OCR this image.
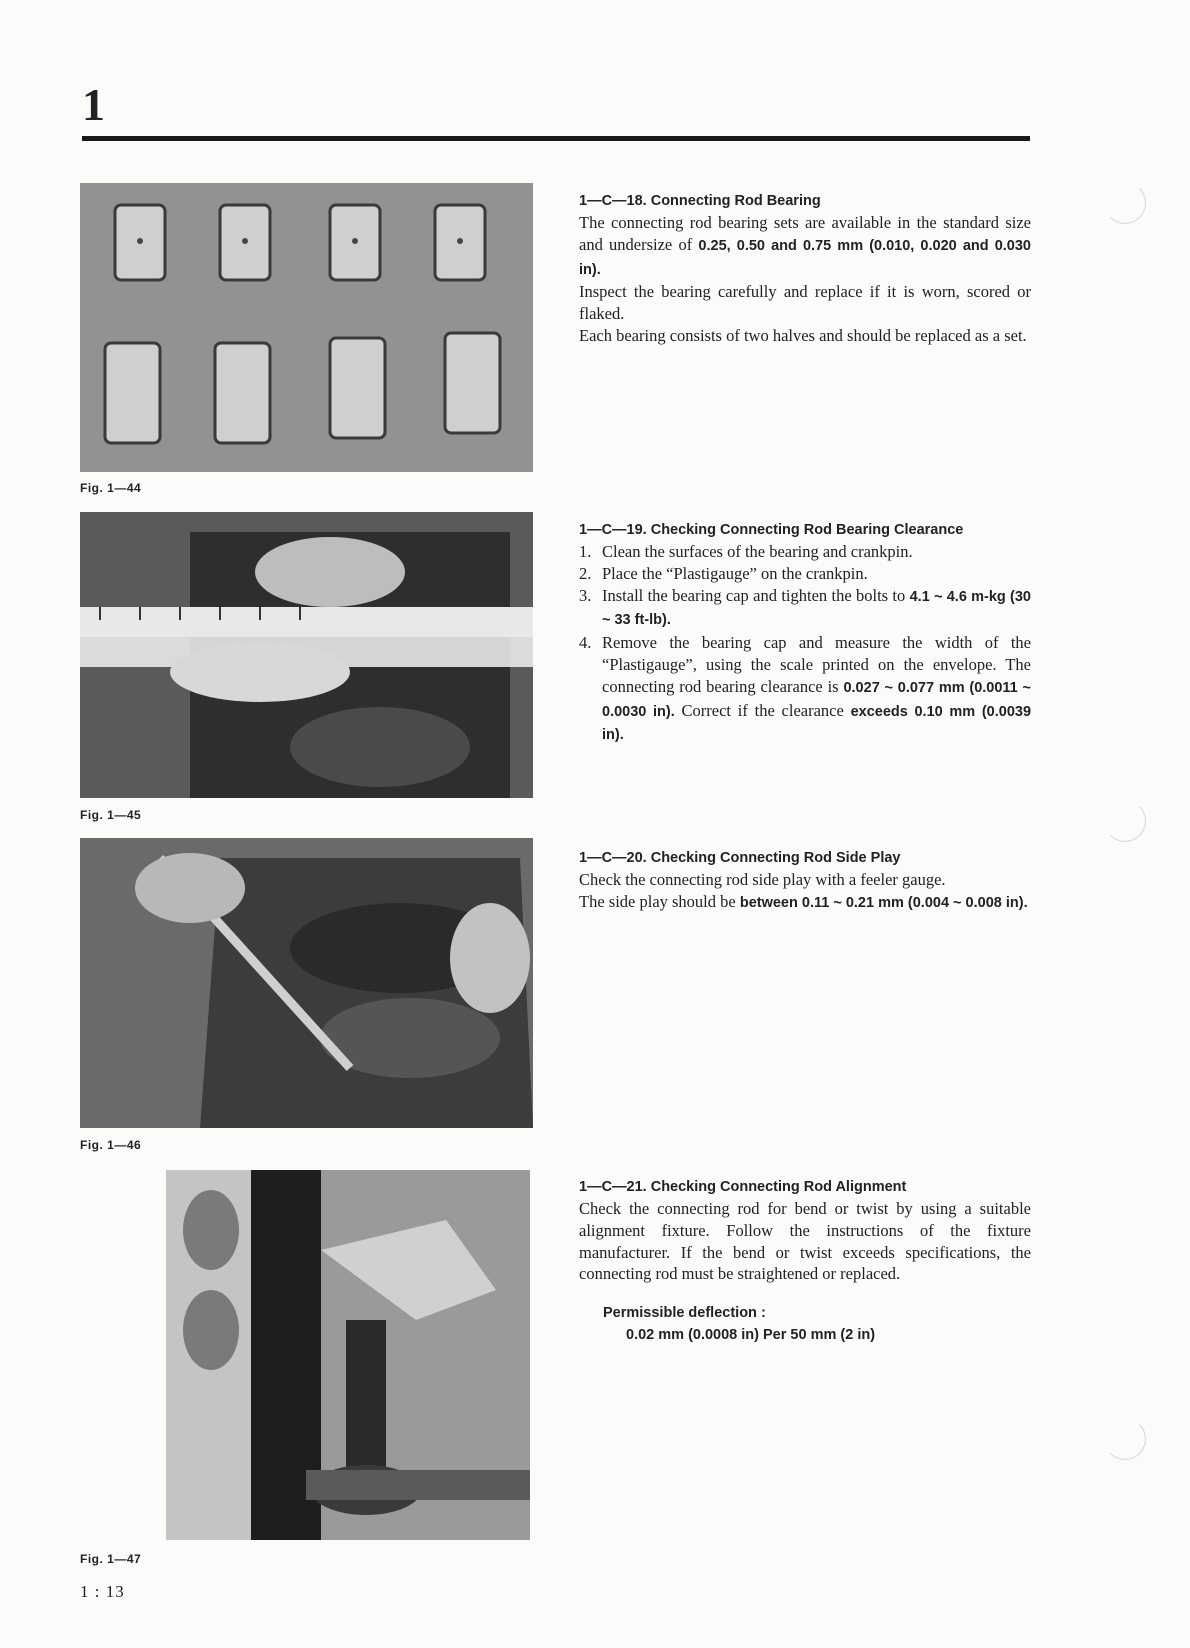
1
Fig. 1—44
Fig. 1—45
Fig. 1—46
Fig. 1—47
1—C—18. Connecting Rod Bearing

The connecting rod bearing sets are available in the standard size and undersize of 0.25, 0.50 and 0.75 mm (0.010, 0.020 and 0.030 in).

Inspect the bearing carefully and replace if it is worn, scored or flaked.

Each bearing consists of two halves and should be replaced as a set.

1—C—19. Checking Connecting Rod Bearing Clearance
1. Clean the surfaces of the bearing and crankpin.
2. Place the “Plastigauge” on the crankpin.
3. Install the bearing cap and tighten the bolts to 4.1 ~ 4.6 m-kg (30 ~ 33 ft-lb).
4. Remove the bearing cap and measure the width of the “Plastigauge”, using the scale printed on the envelope. The connecting rod bearing clearance is 0.027 ~ 0.077 mm (0.0011 ~ 0.0030 in). Correct if the clearance exceeds 0.10 mm (0.0039 in).
1—C—20. Checking Connecting Rod Side Play

Check the connecting rod side play with a feeler gauge.

The side play should be between 0.11 ~ 0.21 mm (0.004 ~ 0.008 in).

1—C—21. Checking Connecting Rod Alignment

Check the connecting rod for bend or twist by using a suitable alignment fixture. Follow the instructions of the fixture manufacturer. If the bend or twist exceeds specifications, the connecting rod must be straightened or replaced.

Permissible deflection :

0.02 mm (0.0008 in) Per 50 mm (2 in)

1 : 13
